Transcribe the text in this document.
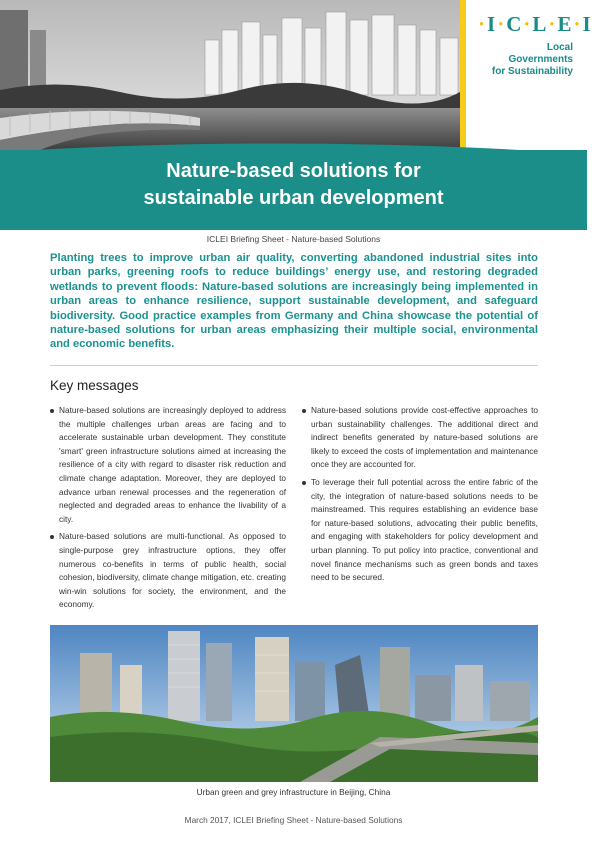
·I·C·L·E·I
Local
Governments
for Sustainability
Nature-based solutions for
sustainable urban development
ICLEI Briefing Sheet - Nature-based Solutions
Planting trees to improve urban air quality, converting abandoned industrial sites into urban parks, greening roofs to reduce buildings’ energy use, and restoring degraded wetlands to prevent floods: Nature-based solutions are increasingly being implemented in urban areas to enhance resilience, support sustainable development, and safeguard biodiversity. Good practice examples from Germany and China showcase the potential of nature-based solutions for urban areas emphasizing their multiple social, environmental and economic benefits.
Key messages
Nature-based solutions are increasingly deployed to address the multiple challenges urban areas are facing and to accelerate sustainable urban development. They constitute 'smart' green infrastructure solutions aimed at increasing the resilience of a city with regard to disaster risk reduction and climate change adaptation. Moreover, they are deployed to advance urban renewal processes and the regeneration of neglected and degraded areas to enhance the livability of a city.
Nature-based solutions are multi-functional. As opposed to single-purpose grey infrastructure options, they offer numerous co-benefits in terms of public health, social cohesion, biodiversity, climate change mitigation, etc. creating win-win solutions for society, the environment, and the economy.
Nature-based solutions provide cost-effective approaches to urban sustainability challenges. The additional direct and indirect benefits generated by nature-based solutions are likely to exceed the costs of implementation and maintenance once they are accounted for.
To leverage their full potential across the entire fabric of the city, the integration of nature-based solutions needs to be mainstreamed. This requires establishing an evidence base for nature-based solutions, advocating their public benefits, and engaging with stakeholders for policy development and urban planning. To put policy into practice, conventional and novel finance mechanisms such as green bonds and taxes need to be secured.
Urban green and grey infrastructure in Beijing, China
March 2017, ICLEI Briefing Sheet - Nature-based Solutions
